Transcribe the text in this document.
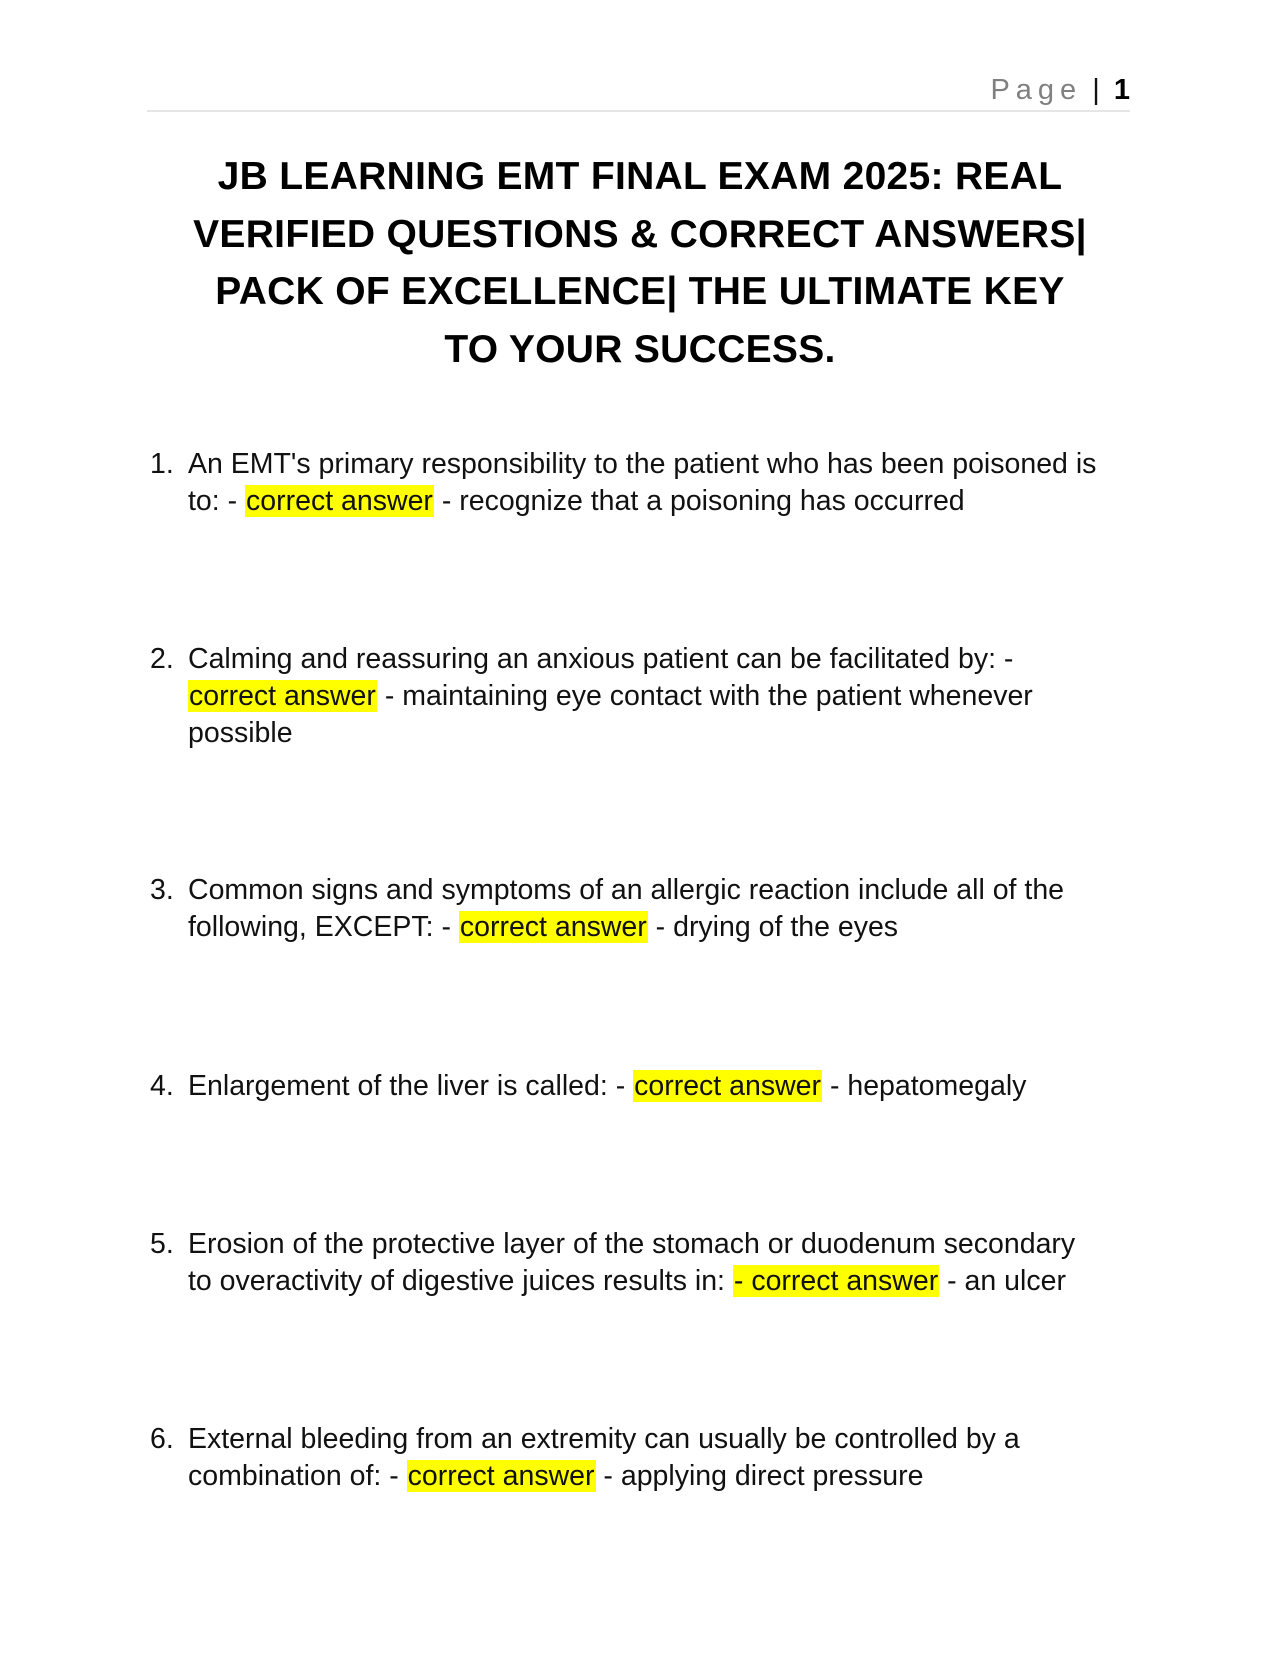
Page | 1
JB LEARNING EMT FINAL EXAM 2025: REAL
VERIFIED QUESTIONS & CORRECT ANSWERS|
PACK OF EXCELLENCE| THE ULTIMATE KEY
TO YOUR SUCCESS.
1. An EMT's primary responsibility to the patient who has been poisoned is
to: - correct answer - recognize that a poisoning has occurred
2. Calming and reassuring an anxious patient can be facilitated by: -
correct answer - maintaining eye contact with the patient whenever
possible
3. Common signs and symptoms of an allergic reaction include all of the
following, EXCEPT: - correct answer - drying of the eyes
4. Enlargement of the liver is called: - correct answer - hepatomegaly
5. Erosion of the protective layer of the stomach or duodenum secondary
to overactivity of digestive juices results in: - correct answer - an ulcer
6. External bleeding from an extremity can usually be controlled by a
combination of: - correct answer - applying direct pressure
